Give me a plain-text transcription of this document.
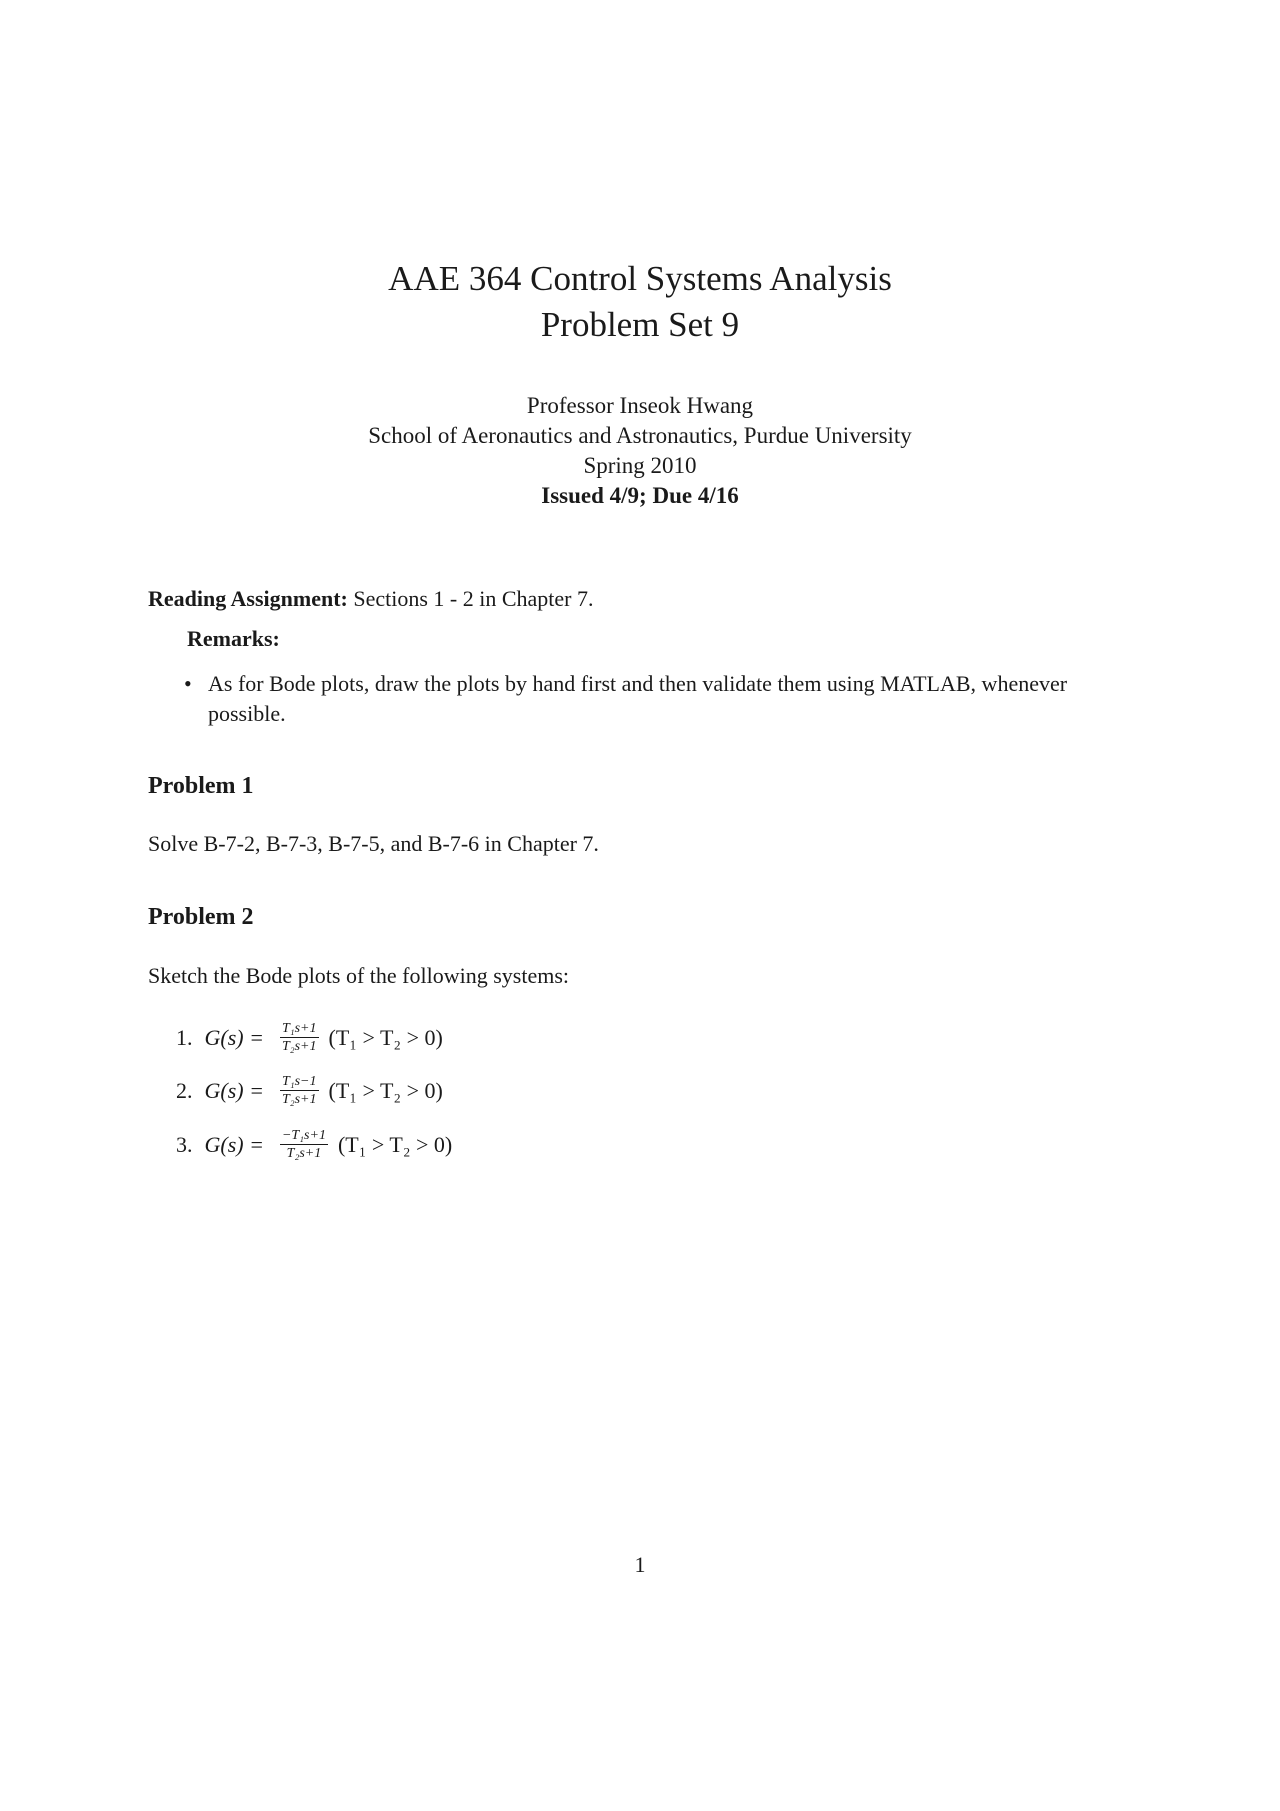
AAE 364 Control Systems Analysis
Problem Set 9
Professor Inseok Hwang
School of Aeronautics and Astronautics, Purdue University
Spring 2010
Issued 4/9; Due 4/16
Reading Assignment: Sections 1 - 2 in Chapter 7.
Remarks:
• As for Bode plots, draw the plots by hand first and then validate them using MATLAB, whenever
possible.
Problem 1
Solve B-7-2, B-7-3, B-7-5, and B-7-6 in Chapter 7.
Problem 2
Sketch the Bode plots of the following systems:
1. $G(s) = \frac{\text{T₁s+1}}{\text{T₂s+1}} (T_1 > T_2 > 0)$
2. $G(s) = \frac{\text{T₁s−1}}{\text{T₂s+1}} (T_1 > T_2 > 0)$
3. $G(s) = \frac{\text{−T₁s+1}}{\text{T₂s+1}} (T_1 > T_2 > 0)$
1
